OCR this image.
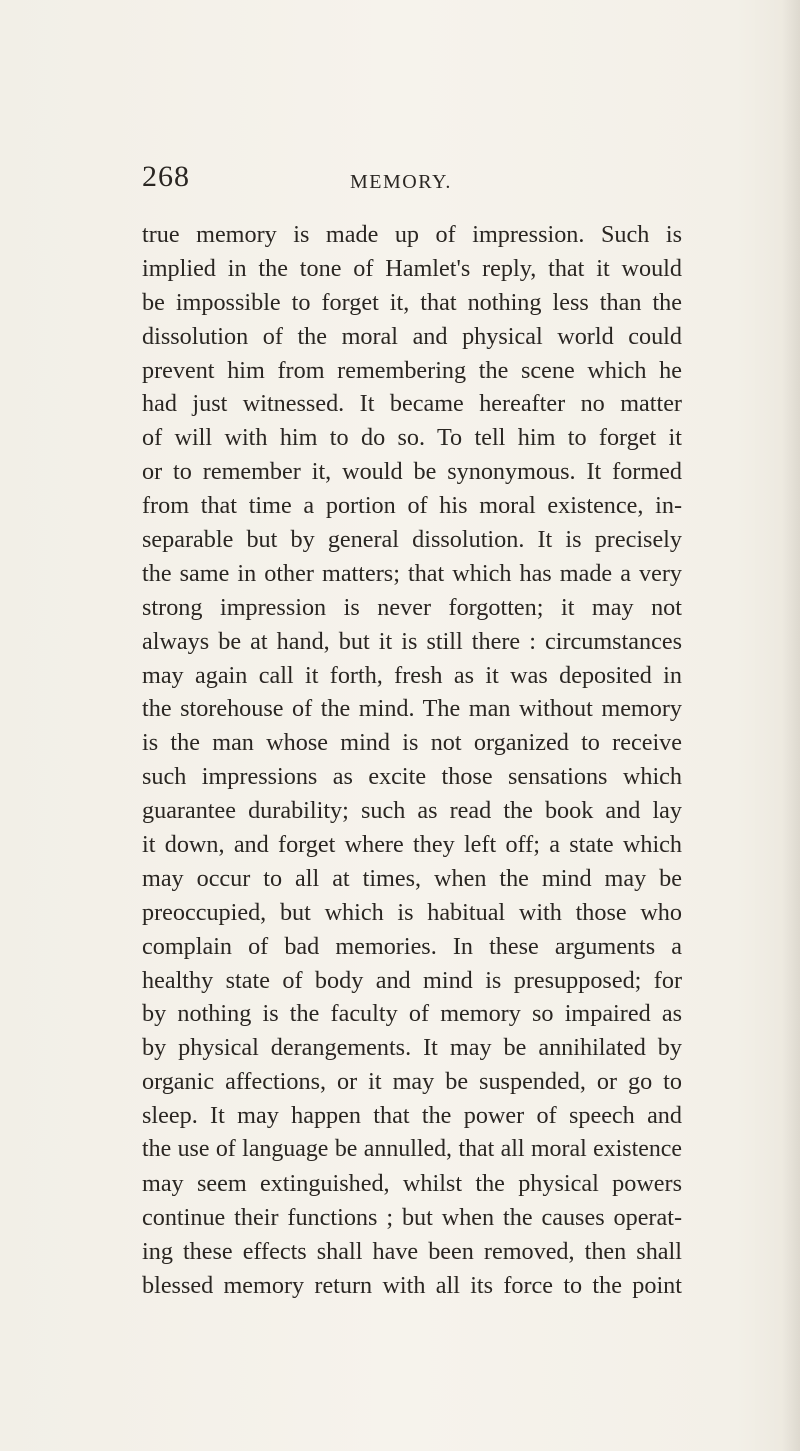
268	MEMORY.
true memory is made up of impression. Such is
implied in the tone of Hamlet's reply, that it would
be impossible to forget it, that nothing less than the
dissolution of the moral and physical world could
prevent him from remembering the scene which he
had just witnessed. It became hereafter no matter
of will with him to do so. To tell him to forget it
or to remember it, would be synonymous. It formed
from that time a portion of his moral existence, in-
separable but by general dissolution. It is precisely
the same in other matters; that which has made a very
strong impression is never forgotten; it may not
always be at hand, but it is still there : circumstances
may again call it forth, fresh as it was deposited in
the storehouse of the mind. The man without memory
is the man whose mind is not organized to receive
such impressions as excite those sensations which
guarantee durability; such as read the book and lay
it down, and forget where they left off; a state which
may occur to all at times, when the mind may be
preoccupied, but which is habitual with those who
complain of bad memories. In these arguments a
healthy state of body and mind is presupposed; for
by nothing is the faculty of memory so impaired as
by physical derangements. It may be annihilated by
organic affections, or it may be suspended, or go to
sleep. It may happen that the power of speech and
the use of language be annulled, that all moral existence
may seem extinguished, whilst the physical powers
continue their functions ; but when the causes operat-
ing these effects shall have been removed, then shall
blessed memory return with all its force to the point
